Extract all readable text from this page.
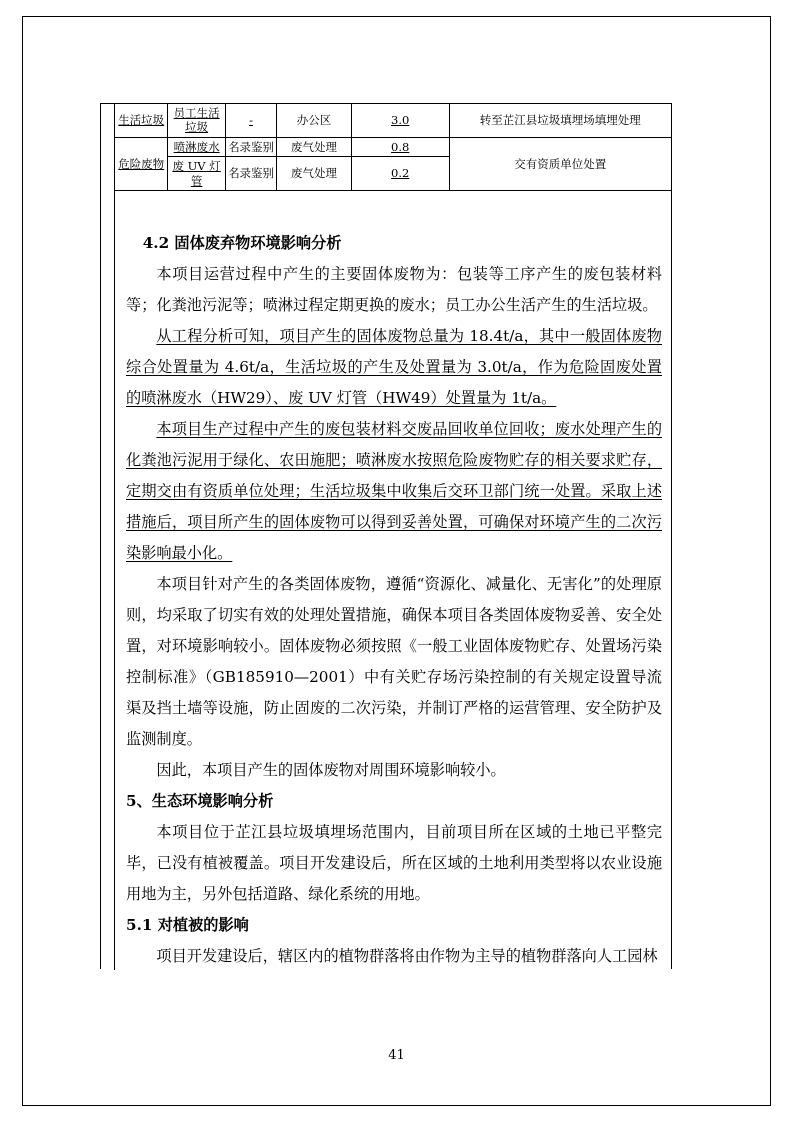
生活垃圾	员工生活垃圾	-	办公区	3.0	转至芷江县垃圾填埋场填埋处理
危险废物	喷淋废水	名录鉴别	废气处理	0.8	交有资质单位处置
	废 UV 灯管	名录鉴别	废气处理	0.2	

4.2 固体废弃物环境影响分析

本项目运营过程中产生的主要固体废物为：包装等工序产生的废包装材料等；化粪池污泥等；喷淋过程定期更换的废水；员工办公生活产生的生活垃圾。

从工程分析可知，项目产生的固体废物总量为 18.4t/a，其中一般固体废物综合处置量为 4.6t/a，生活垃圾的产生及处置量为 3.0t/a，作为危险固废处置的喷淋废水（HW29）、废 UV 灯管（HW49）处置量为 1t/a。

本项目生产过程中产生的废包装材料交废品回收单位回收；废水处理产生的化粪池污泥用于绿化、农田施肥；喷淋废水按照危险废物贮存的相关要求贮存，定期交由有资质单位处理；生活垃圾集中收集后交环卫部门统一处置。采取上述措施后，项目所产生的固体废物可以得到妥善处置，可确保对环境产生的二次污染影响最小化。

本项目针对产生的各类固体废物，遵循“资源化、减量化、无害化”的处理原则，均采取了切实有效的处理处置措施，确保本项目各类固体废物妥善、安全处置，对环境影响较小。固体废物必须按照《一般工业固体废物贮存、处置场污染控制标准》（GB185910—2001）中有关贮存场污染控制的有关规定设置导流渠及挡土墙等设施，防止固废的二次污染，并制订严格的运营管理、安全防护及监测制度。

因此，本项目产生的固体废物对周围环境影响较小。

5、生态环境影响分析

本项目位于芷江县垃圾填埋场范围内，目前项目所在区域的土地已平整完毕，已没有植被覆盖。项目开发建设后，所在区域的土地利用类型将以农业设施用地为主，另外包括道路、绿化系统的用地。

5.1 对植被的影响

项目开发建设后，辖区内的植物群落将由作物为主导的植物群落向人工园林

41
